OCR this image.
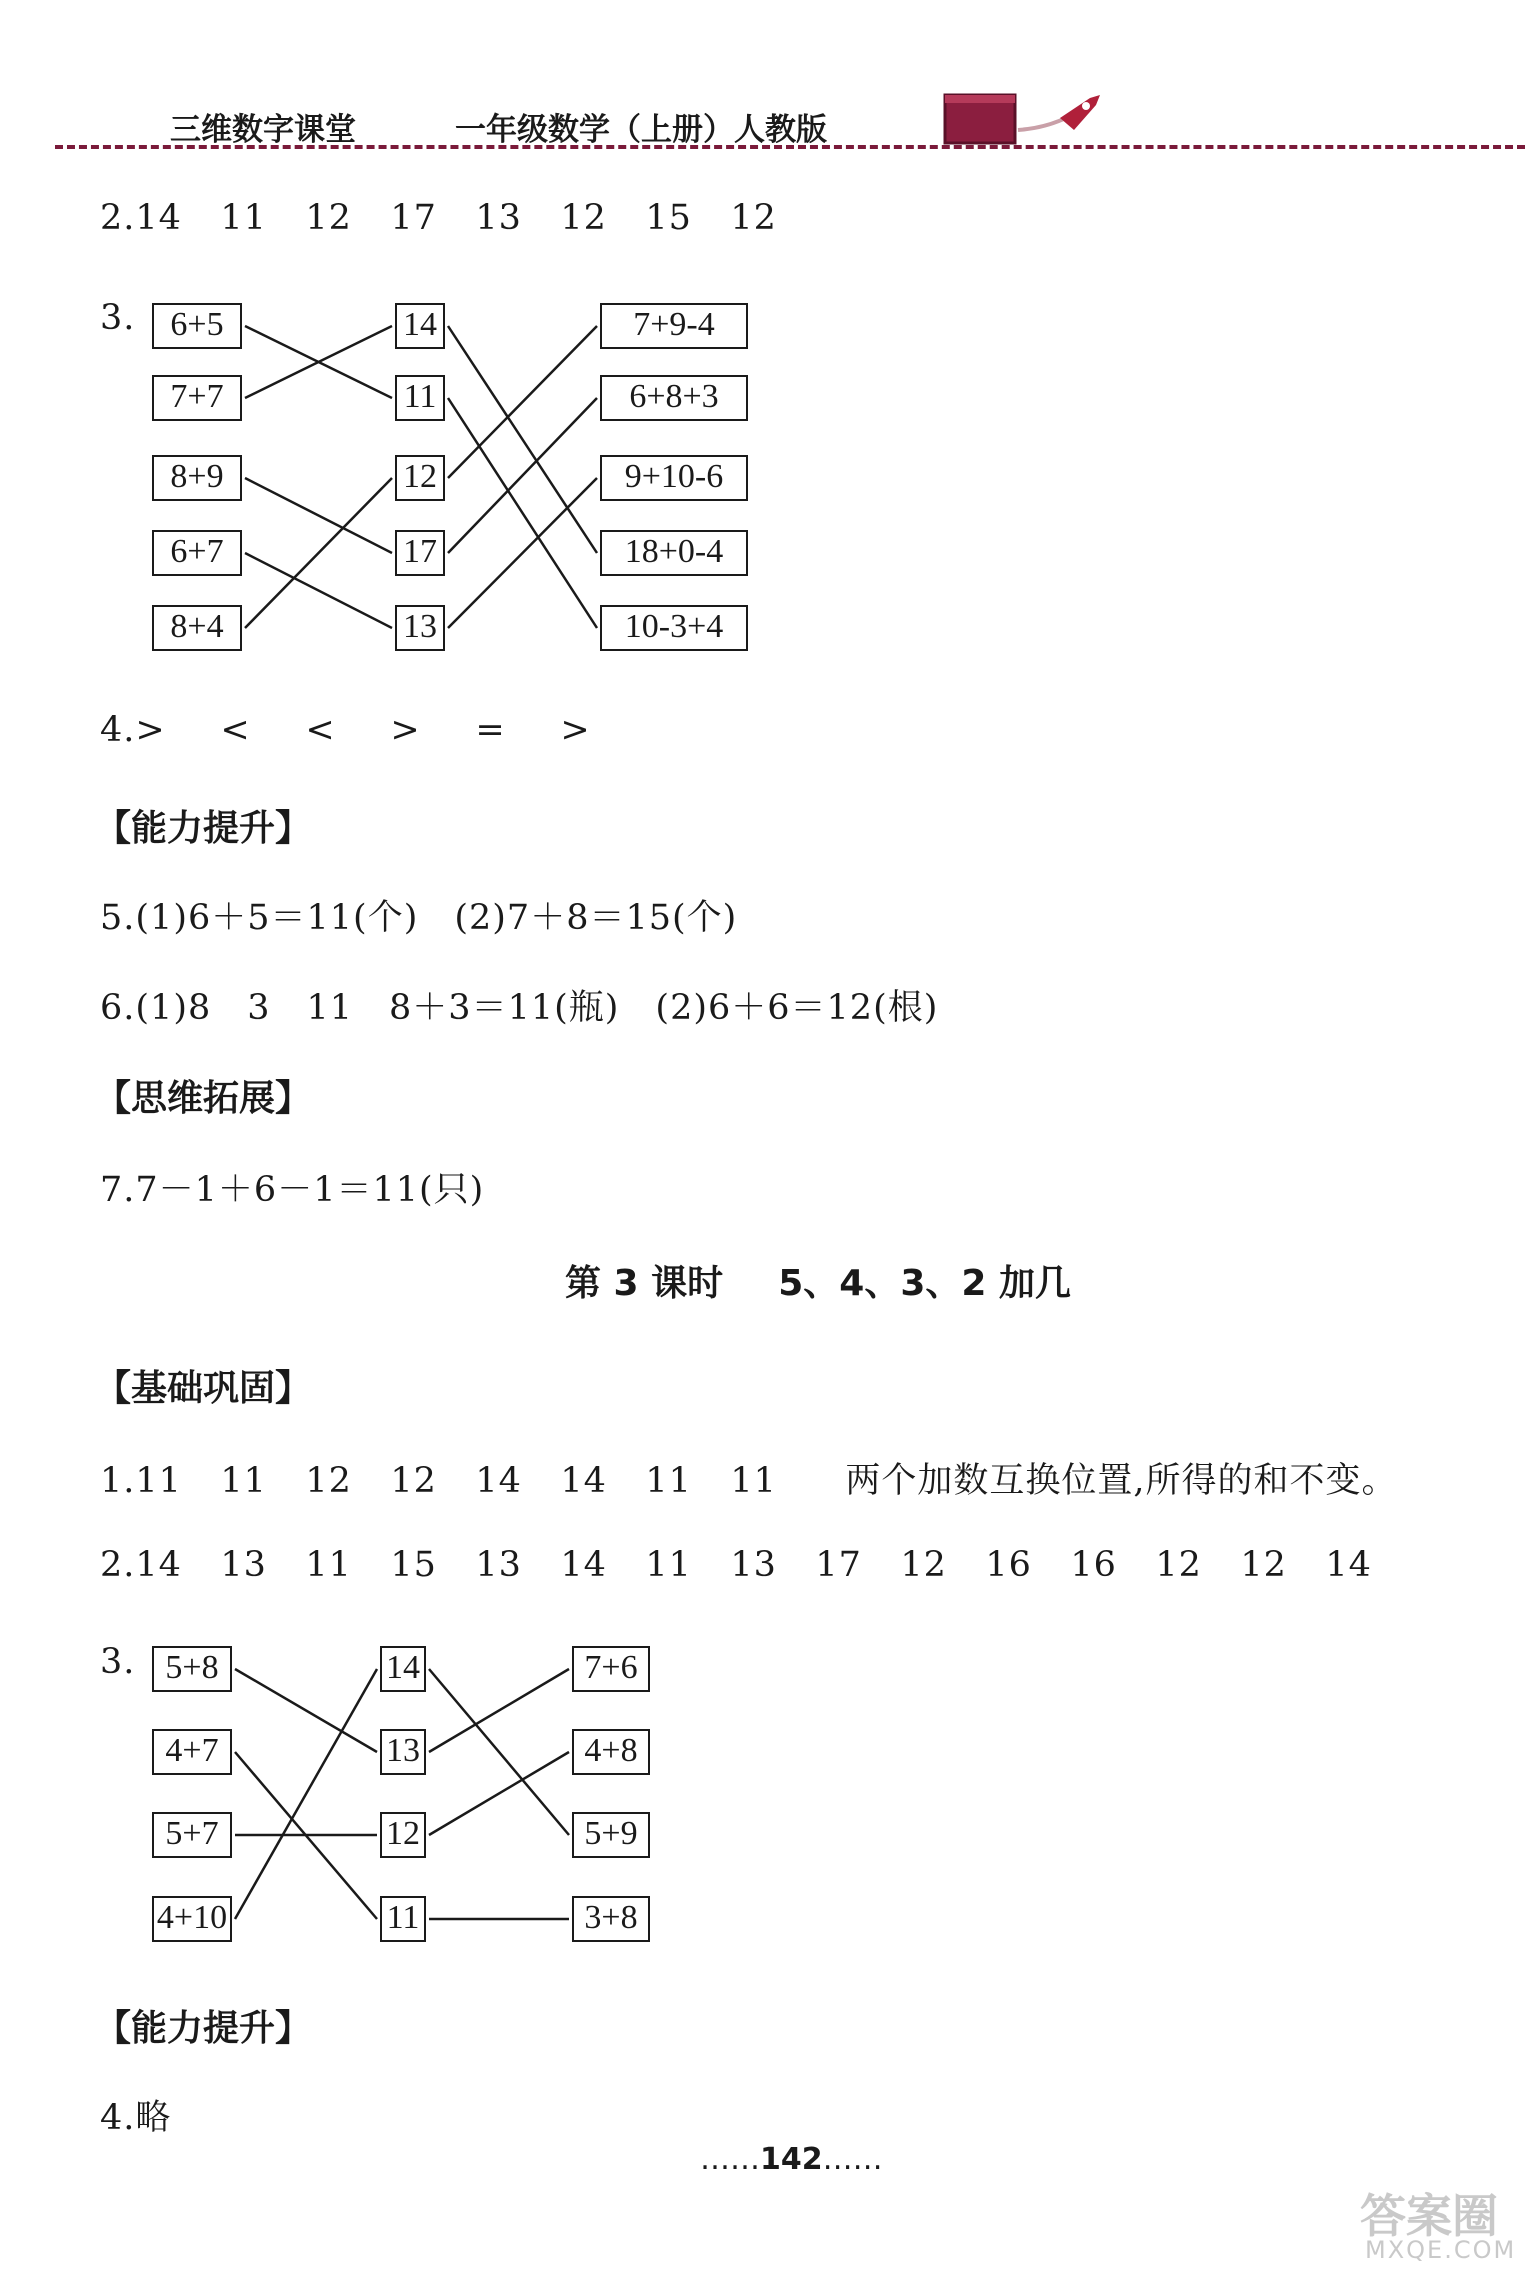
三维数字课堂	一年级数学（上册）人教版
2.14 11 12 17 13 12 15 12
3.	6+5
7+7
8+9
6+7
8+4
14
11
12
17
13
7+9-4
6+8+3
9+10-6
18+0-4
10-3+4
4.> < < > = >
【能力提升】
5.(1)6＋5＝11(个)　(2)7＋8＝15(个)
6.(1)8　3　11　8＋3＝11(瓶)　(2)6＋6＝12(根)
【思维拓展】
7.7－1＋6－1＝11(只)
第 3 课时 5、4、3、2 加几
【基础巩固】
1.11 11 12 12 14 14 11 11 两个加数互换位置,所得的和不变。
2.14 13 11 15 13 14 11 13 17 12 16 16 12 12 14
3. 5+8
4+7
5+7
4+10
14
13
12
11
7+6
4+8
5+9
3+8
【能力提升】
4.略
……142……
答案圈
MXQE.COM
